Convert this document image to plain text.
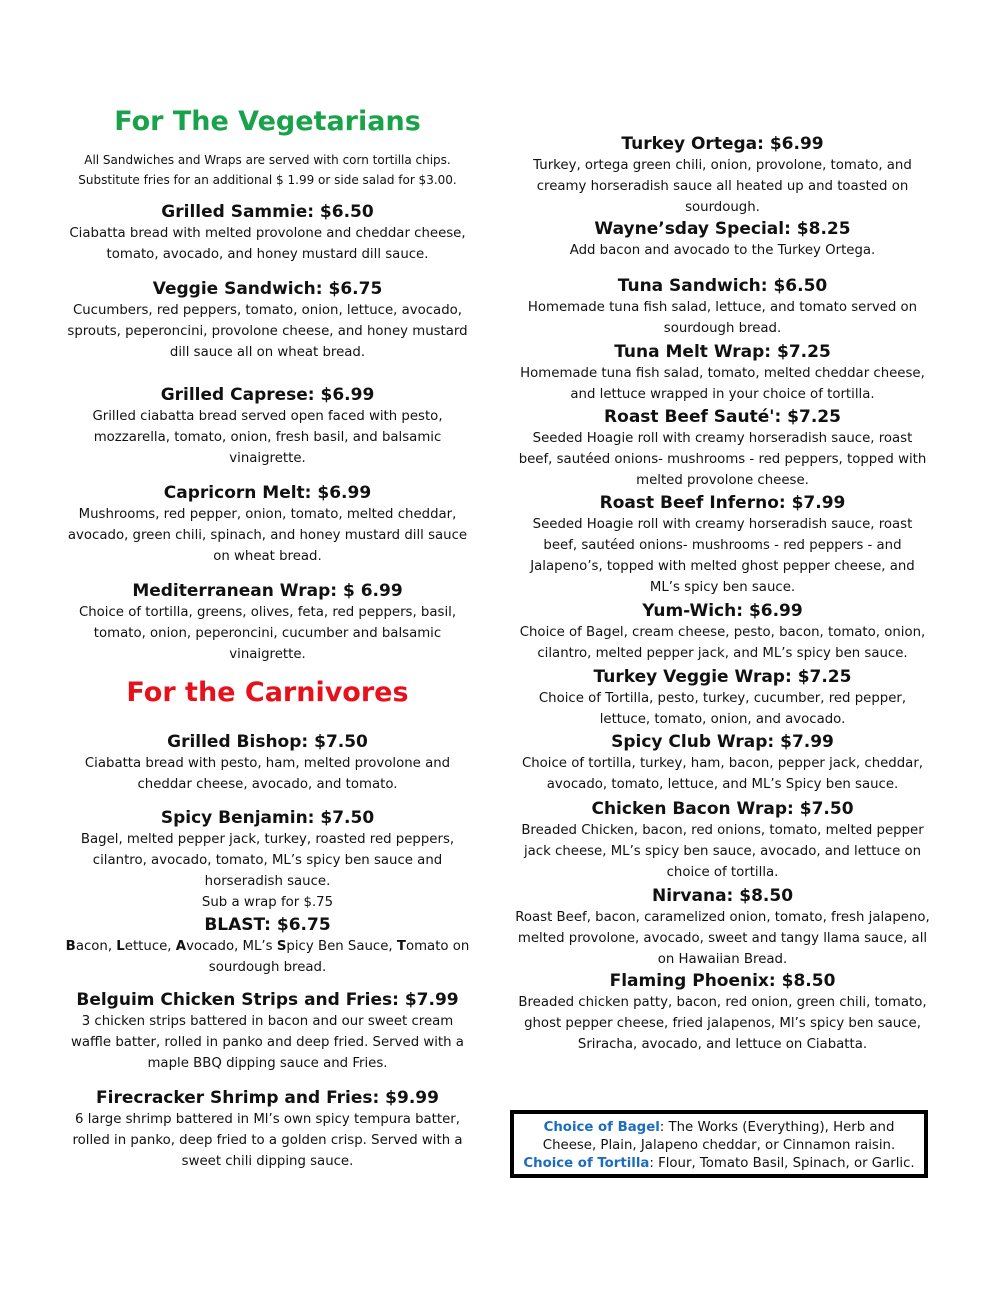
For The Vegetarians
All Sandwiches and Wraps are served with corn tortilla chips.
Substitute fries for an additional $ 1.99 or side salad for $3.00.
Grilled Sammie: $6.50
Ciabatta bread with melted provolone and cheddar cheese, tomato, avocado, and honey mustard dill sauce.
Veggie Sandwich: $6.75
Cucumbers, red peppers, tomato, onion, lettuce, avocado, sprouts, peperoncini, provolone cheese, and honey mustard dill sauce all on wheat bread.
Grilled Caprese: $6.99
Grilled ciabatta bread served open faced with pesto, mozzarella, tomato, onion, fresh basil, and balsamic vinaigrette.
Capricorn Melt: $6.99
Mushrooms, red pepper, onion, tomato, melted cheddar, avocado, green chili, spinach, and honey mustard dill sauce on wheat bread.
Mediterranean Wrap: $ 6.99
Choice of tortilla, greens, olives, feta, red peppers, basil, tomato, onion, peperoncini, cucumber and balsamic vinaigrette.
For the Carnivores
Grilled Bishop: $7.50
Ciabatta bread with pesto, ham, melted provolone and cheddar cheese, avocado, and tomato.
Spicy Benjamin: $7.50
Bagel, melted pepper jack, turkey, roasted red peppers, cilantro, avocado, tomato, ML’s spicy ben sauce and horseradish sauce.
Sub a wrap for $.75
BLAST: $6.75
Bacon, Lettuce, Avocado, ML’s Spicy Ben Sauce, Tomato on sourdough bread.
Belguim Chicken Strips and Fries: $7.99
3 chicken strips battered in bacon and our sweet cream waffle batter, rolled in panko and deep fried. Served with a maple BBQ dipping sauce and Fries.
Firecracker Shrimp and Fries: $9.99
6 large shrimp battered in Ml’s own spicy tempura batter, rolled in panko, deep fried to a golden crisp. Served with a sweet chili dipping sauce.
Turkey Ortega: $6.99
Turkey, ortega green chili, onion, provolone, tomato, and creamy horseradish sauce all heated up and toasted on sourdough.
Wayne’sday Special: $8.25
Add bacon and avocado to the Turkey Ortega.
Tuna Sandwich: $6.50
Homemade tuna fish salad, lettuce, and tomato served on sourdough bread.
Tuna Melt Wrap: $7.25
Homemade tuna fish salad, tomato, melted cheddar cheese, and lettuce wrapped in your choice of tortilla.
Roast Beef Sauté': $7.25
Seeded Hoagie roll with creamy horseradish sauce, roast beef, sautéed onions- mushrooms - red peppers, topped with melted provolone cheese.
Roast Beef Inferno: $7.99
Seeded Hoagie roll with creamy horseradish sauce, roast beef, sautéed onions- mushrooms - red peppers - and Jalapeno’s, topped with melted ghost pepper cheese, and ML’s spicy ben sauce.
Yum-Wich: $6.99
Choice of Bagel, cream cheese, pesto, bacon, tomato, onion, cilantro, melted pepper jack, and ML’s spicy ben sauce.
Turkey Veggie Wrap: $7.25
Choice of Tortilla, pesto, turkey, cucumber, red pepper, lettuce, tomato, onion, and avocado.
Spicy Club Wrap: $7.99
Choice of tortilla, turkey, ham, bacon, pepper jack, cheddar, avocado, tomato, lettuce, and ML’s Spicy ben sauce.
Chicken Bacon Wrap: $7.50
Breaded Chicken, bacon, red onions, tomato, melted pepper jack cheese, ML’s spicy ben sauce, avocado, and lettuce on choice of tortilla.
Nirvana: $8.50
Roast Beef, bacon, caramelized onion, tomato, fresh jalapeno, melted provolone, avocado, sweet and tangy llama sauce, all on Hawaiian Bread.
Flaming Phoenix: $8.50
Breaded chicken patty, bacon, red onion, green chili, tomato, ghost pepper cheese, fried jalapenos, Ml’s spicy ben sauce, Sriracha, avocado, and lettuce on Ciabatta.
Choice of Bagel: The Works (Everything), Herb and Cheese, Plain, Jalapeno cheddar, or Cinnamon raisin.
Choice of Tortilla: Flour, Tomato Basil, Spinach, or Garlic.
